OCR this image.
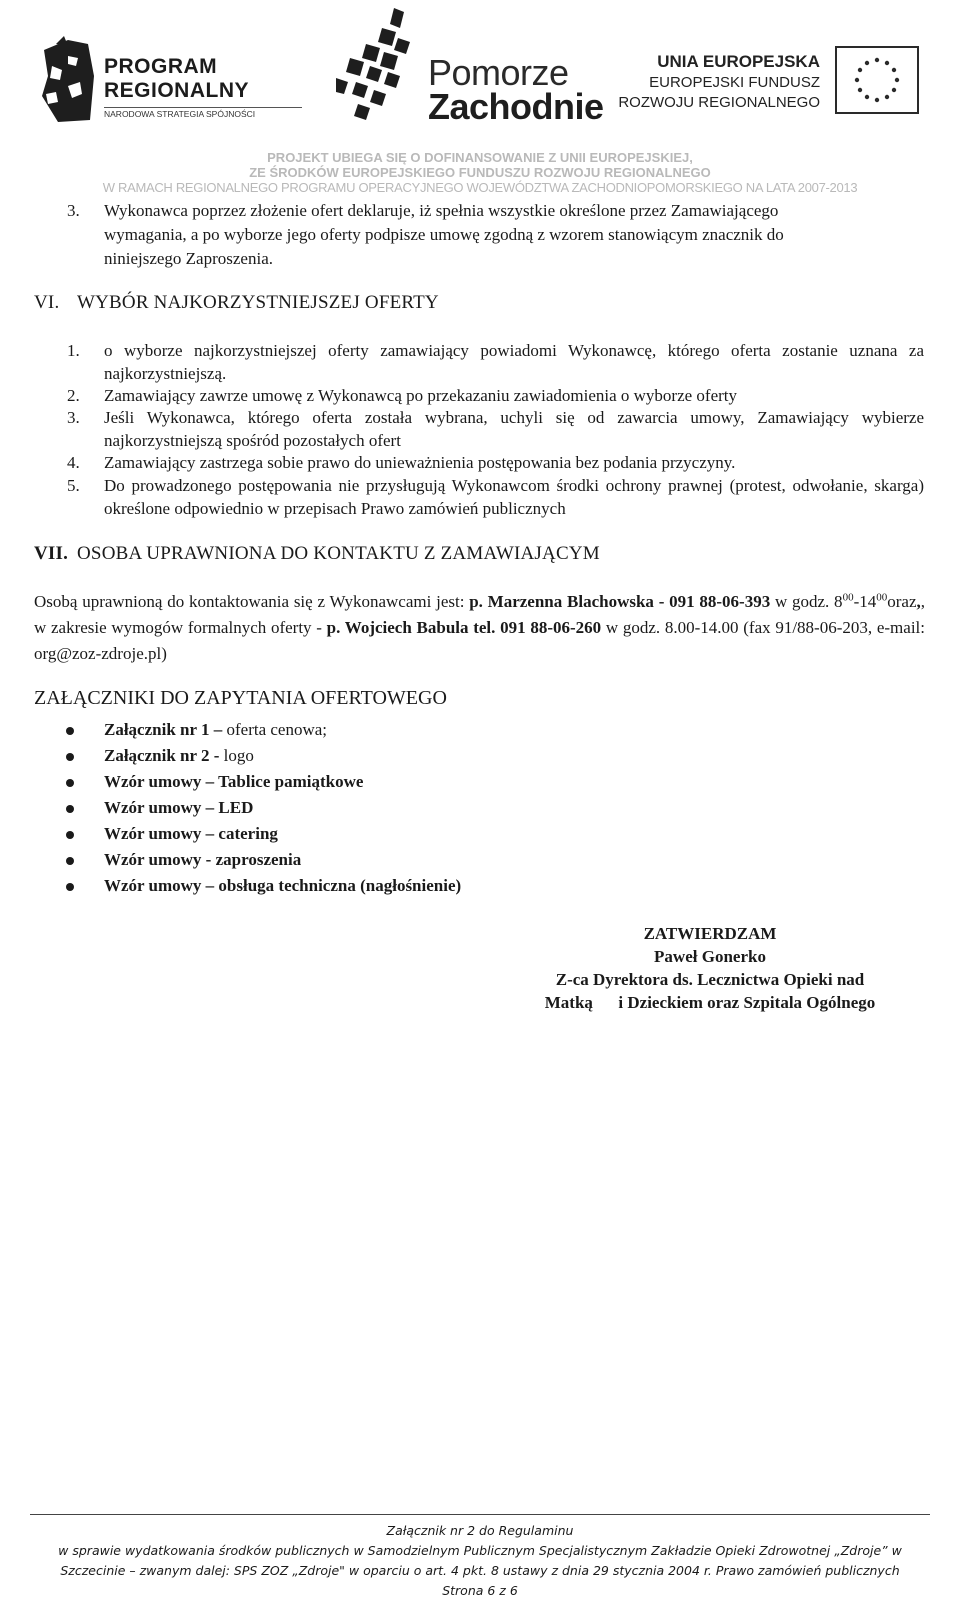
PROGRAM
REGIONALNY
NARODOWA STRATEGIA SPÓJNOŚCI
Pomorze
Zachodnie
UNIA EUROPEJSKA
EUROPEJSKI FUNDUSZ
ROZWOJU REGIONALNEGO
PROJEKT UBIEGA SIĘ O DOFINANSOWANIE Z UNII EUROPEJSKIEJ,
ZE ŚRODKÓW EUROPEJSKIEGO FUNDUSZU ROZWOJU REGIONALNEGO
W RAMACH REGIONALNEGO PROGRAMU OPERACYJNEGO WOJEWÓDZTWA ZACHODNIOPOMORSKIEGO NA LATA 2007-2013
3. Wykonawca poprzez złożenie ofert deklaruje, iż spełnia wszystkie określone przez Zamawiającego
wymagania, a po wyborze jego oferty podpisze umowę zgodną z wzorem stanowiącym znacznik do
niniejszego Zaproszenia.
VI. WYBÓR NAJKORZYSTNIEJSZEJ OFERTY
1. o wyborze najkorzystniejszej oferty zamawiający powiadomi Wykonawcę, którego oferta zostanie uznana za najkorzystniejszą.
2. Zamawiający zawrze umowę z Wykonawcą po przekazaniu zawiadomienia o wyborze oferty
3. Jeśli Wykonawca, którego oferta została wybrana, uchyli się od zawarcia umowy, Zamawiający wybierze najkorzystniejszą spośród pozostałych ofert
4. Zamawiający zastrzega sobie prawo do unieważnienia postępowania bez podania przyczyny.
5. Do prowadzonego postępowania nie przysługują Wykonawcom środki ochrony prawnej (protest, odwołanie, skarga) określone odpowiednio w przepisach Prawo zamówień publicznych
VII. OSOBA UPRAWNIONA DO KONTAKTU Z ZAMAWIAJĄCYM
Osobą uprawnioną do kontaktowania się z Wykonawcami jest: p. Marzenna Blachowska - 091 88-06-393 w godz. $8^{00}-14^{00}oraz$,, w zakresie wymogów formalnych oferty - p. Wojciech Babula tel. 091 88-06-260 w godz. 8.00-14.00 (fax 91/88-06-203, e-mail: org@zoz-zdroje.pl)
ZAŁĄCZNIKI DO ZAPYTANIA OFERTOWEGO
Załącznik nr 1 – oferta cenowa;
Załącznik nr 2 - logo
Wzór umowy – Tablice pamiątkowe
Wzór umowy – LED
Wzór umowy – catering
Wzór umowy - zaproszenia
Wzór umowy – obsługa techniczna (nagłośnienie)
ZATWIERDZAM
Paweł Gonerko
Z-ca Dyrektora ds. Lecznictwa Opieki nad
Matką      i Dzieckiem oraz Szpitala Ogólnego
Załącznik nr 2 do Regulaminu
w sprawie wydatkowania środków publicznych w Samodzielnym Publicznym Specjalistycznym Zakładzie Opieki Zdrowotnej „Zdroje” w
Szczecinie – zwanym dalej: SPS ZOZ „Zdroje" w oparciu o art. 4 pkt. 8 ustawy z dnia 29 stycznia 2004 r. Prawo zamówień publicznych
Strona 6 z 6
